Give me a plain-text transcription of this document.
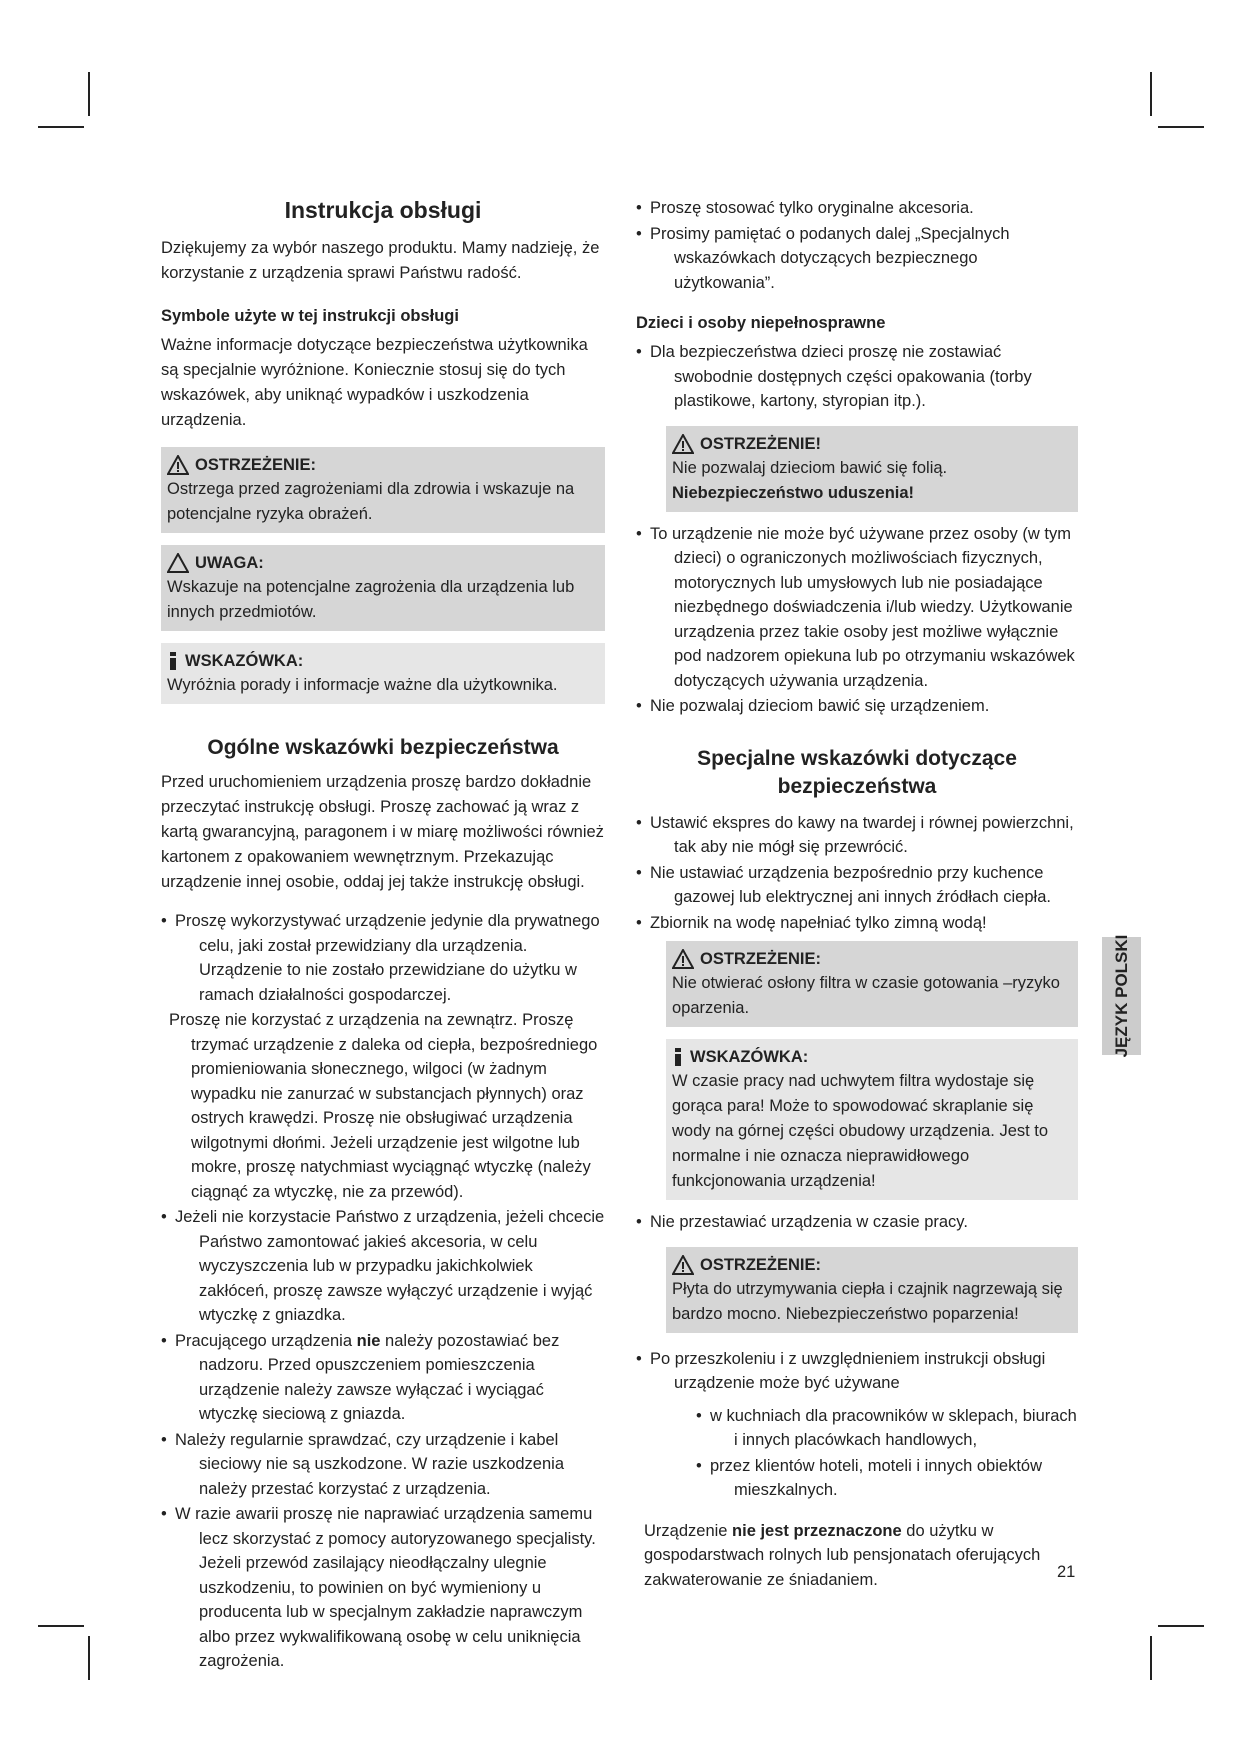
Instrukcja obsługi

Dziękujemy za wybór naszego produktu. Mamy nadzieję, że korzystanie z urządzenia sprawi Państwu radość.

Symbole użyte w tej instrukcji obsługi

Ważne informacje dotyczące bezpieczeństwa użytkownika są specjalnie wyróżnione. Koniecznie stosuj się do tych wskazówek, aby uniknąć wypadków i uszkodzenia urządzenia.

OSTRZEŻENIE:
Ostrzega przed zagrożeniami dla zdrowia i wskazuje na potencjalne ryzyka obrażeń.
UWAGA:
Wskazuje na potencjalne zagrożenia dla urządzenia lub innych przedmiotów.
WSKAZÓWKA:
Wyróżnia porady i informacje ważne dla użytkownika.
Ogólne wskazówki bezpieczeństwa

Przed uruchomieniem urządzenia proszę bardzo dokładnie przeczytać instrukcję obsługi. Proszę zachować ją wraz z kartą gwarancyjną, paragonem i w miarę możliwości również kartonem z opakowaniem wewnętrznym. Przekazując urządzenie innej osobie, oddaj jej także instrukcję obsługi.

• Proszę wykorzystywać urządzenie jedynie dla prywatnego celu, jaki został przewidziany dla urządzenia. Urządzenie to nie zostało przewidziane do użytku w ramach działalności gospodarczej.
Proszę nie korzystać z urządzenia na zewnątrz. Proszę trzymać urządzenie z daleka od ciepła, bezpośredniego promieniowania słonecznego, wilgoci (w żadnym wypadku nie zanurzać w substancjach płynnych) oraz ostrych krawędzi. Proszę nie obsługiwać urządzenia wilgotnymi dłońmi. Jeżeli urządzenie jest wilgotne lub mokre, proszę natychmiast wyciągnąć wtyczkę (należy ciągnąć za wtyczkę, nie za przewód).
• Jeżeli nie korzystacie Państwo z urządzenia, jeżeli chcecie Państwo zamontować jakieś akcesoria, w celu wyczyszczenia lub w przypadku jakichkolwiek zakłóceń, proszę zawsze wyłączyć urządzenie i wyjąć wtyczkę z gniazdka.
• Pracującego urządzenia nie należy pozostawiać bez nadzoru. Przed opuszczeniem pomieszczenia urządzenie należy zawsze wyłączać i wyciągać wtyczkę sieciową z gniazda.
• Należy regularnie sprawdzać, czy urządzenie i kabel sieciowy nie są uszkodzone. W razie uszkodzenia należy przestać korzystać z urządzenia.
• W razie awarii proszę nie naprawiać urządzenia samemu lecz skorzystać z pomocy autoryzowanego specjalisty. Jeżeli przewód zasilający nieodłączalny ulegnie uszkodzeniu, to powinien on być wymieniony u producenta lub w specjalnym zakładzie naprawczym albo przez wykwalifikowaną osobę w celu uniknięcia zagrożenia.
• Proszę stosować tylko oryginalne akcesoria.
• Prosimy pamiętać o podanych dalej „Specjalnych wskazówkach dotyczących bezpiecznego użytkowania”.
Dzieci i osoby niepełnosprawne
• Dla bezpieczeństwa dzieci proszę nie zostawiać swobodnie dostępnych części opakowania (torby plastikowe, kartony, styropian itp.).
OSTRZEŻENIE!
Nie pozwalaj dzieciom bawić się folią. Niebezpieczeństwo uduszenia!
• To urządzenie nie może być używane przez osoby (w tym dzieci) o ograniczonych możliwościach fizycznych, motorycznych lub umysłowych lub nie posiadające niezbędnego doświadczenia i/lub wiedzy. Użytkowanie urządzenia przez takie osoby jest możliwe wyłącznie pod nadzorem opiekuna lub po otrzymaniu wskazówek dotyczących używania urządzenia.
• Nie pozwalaj dzieciom bawić się urządzeniem.
Specjalne wskazówki dotyczące bezpieczeństwa
• Ustawić ekspres do kawy na twardej i równej powierzchni, tak aby nie mógł się przewrócić.
• Nie ustawiać urządzenia bezpośrednio przy kuchence gazowej lub elektrycznej ani innych źródłach ciepła.
• Zbiornik na wodę napełniać tylko zimną wodą!
OSTRZEŻENIE:
Nie otwierać osłony filtra w czasie gotowania –ryzyko oparzenia.
WSKAZÓWKA:
W czasie pracy nad uchwytem filtra wydostaje się gorąca para! Może to spowodować skraplanie się wody na górnej części obudowy urządzenia. Jest to normalne i nie oznacza nieprawidłowego funkcjonowania urządzenia!
• Nie przestawiać urządzenia w czasie pracy.
OSTRZEŻENIE:
Płyta do utrzymywania ciepła i czajnik nagrzewają się bardzo mocno. Niebezpieczeństwo poparzenia!
• Po przeszkoleniu i z uwzględnieniem instrukcji obsługi urządzenie może być używane
• w kuchniach dla pracowników w sklepach, biurach i innych placówkach handlowych,
• przez klientów hoteli, moteli i innych obiektów mieszkalnych.
Urządzenie nie jest przeznaczone do użytku w gospodarstwach rolnych lub pensjonatach oferujących zakwaterowanie ze śniadaniem.
JĘZYK POLSKI
21
